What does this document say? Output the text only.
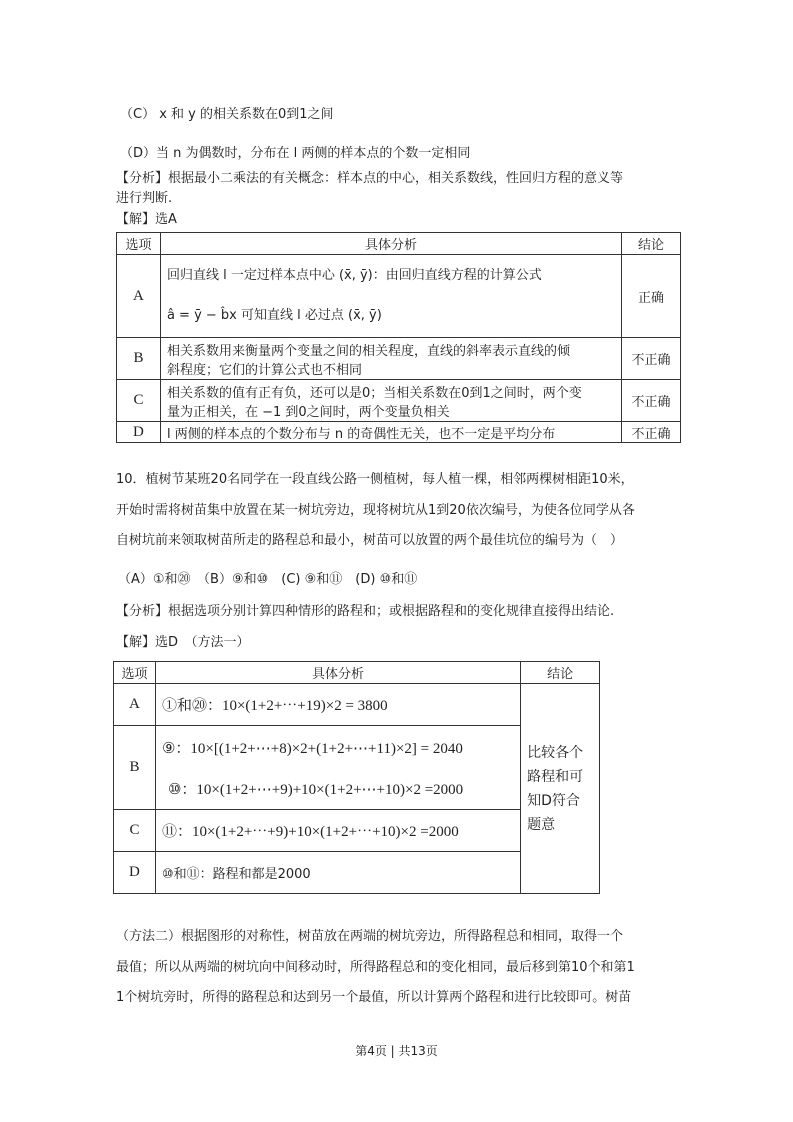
（C） x 和 y 的相关系数在0到1之间
（D）当 n 为偶数时，分布在 l 两侧的样本点的个数一定相同
【分析】根据最小二乘法的有关概念：样本点的中心，相关系数线，性回归方程的意义等
进行判断.
【解】选A
选项	具体分析	结论
A	回归直线 l 一定过样本点中心 (x̄, ȳ)：由回归直线方程的计算公式
â = ȳ − b̂x 可知直线 l 必过点 (x̄, ȳ)	正确
B	相关系数用来衡量两个变量之间的相关程度，直线的斜率表示直线的倾
斜程度；它们的计算公式也不相同	不正确
C	相关系数的值有正有负，还可以是0；当相关系数在0到1之间时，两个变
量为正相关，在 −1 到0之间时，两个变量负相关	不正确
D	l 两侧的样本点的个数分布与 n 的奇偶性无关，也不一定是平均分布	不正确
10．植树节某班20名同学在一段直线公路一侧植树，每人植一棵，相邻两棵树相距10米，
开始时需将树苗集中放置在某一树坑旁边，现将树坑从1到20依次编号，为使各位同学从各
自树坑前来领取树苗所走的路程总和最小，树苗可以放置的两个最佳坑位的编号为（　）
（A）①和⑳　（B）⑨和⑩　(C) ⑨和⑪　(D) ⑩和⑪
【分析】根据选项分别计算四种情形的路程和；或根据路程和的变化规律直接得出结论.
【解】选D　（方法一）
选项	具体分析	结论
A	①和⑳：10×(1+2+⋯+19)×2 = 3800	比较各个路程和可知D符合题意
B	⑨：10×[(1+2+⋯+8)×2+(1+2+⋯+11)×2] = 2040
⑩：10×(1+2+⋯+9)+10×(1+2+⋯+10)×2 =2000	

C	⑪：10×(1+2+⋯+9)+10×(1+2+⋯+10)×2 =2000	
D	⑩和⑪：路程和都是2000	
（方法二）根据图形的对称性，树苗放在两端的树坑旁边，所得路程总和相同，取得一个
最值；所以从两端的树坑向中间移动时，所得路程总和的变化相同，最后移到第10个和第1
1个树坑旁时，所得的路程总和达到另一个最值，所以计算两个路程和进行比较即可。树苗
第4页 | 共13页
